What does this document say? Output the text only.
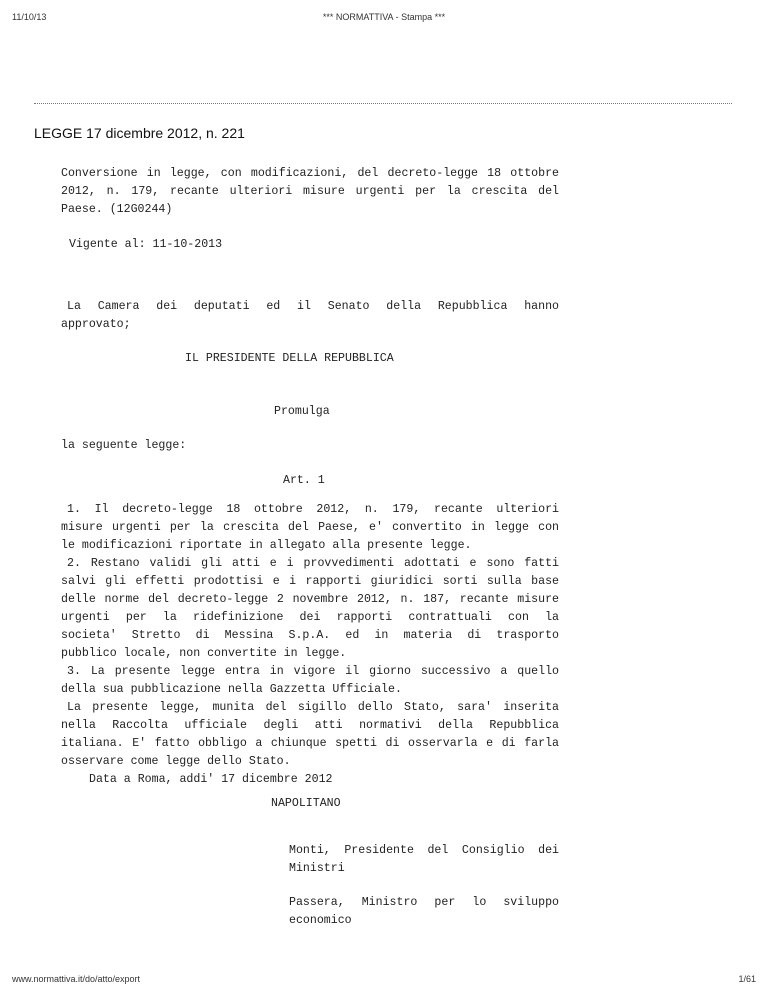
11/10/13	*** NORMATTIVA - Stampa ***
LEGGE 17 dicembre 2012, n. 221
Conversione in legge, con modificazioni, del decreto-legge 18 ottobre
2012, n. 179, recante ulteriori misure urgenti per la crescita del
Paese. (12G0244)
Vigente al: 11-10-2013
La Camera dei deputati ed il Senato della Repubblica hanno
approvato;
IL PRESIDENTE DELLA REPUBBLICA
Promulga
la seguente legge:
Art. 1
1. Il decreto-legge 18 ottobre 2012, n. 179, recante ulteriori
misure urgenti per la crescita del Paese, e' convertito in legge con
le modificazioni riportate in allegato alla presente legge.
2. Restano validi gli atti e i provvedimenti adottati e sono fatti
salvi gli effetti prodottisi e i rapporti giuridici sorti sulla base
delle norme del decreto-legge 2 novembre 2012, n. 187, recante misure
urgenti per la ridefinizione dei rapporti contrattuali con la
societa' Stretto di Messina S.p.A. ed in materia di trasporto
pubblico locale, non convertite in legge.
3. La presente legge entra in vigore il giorno successivo a quello
della sua pubblicazione nella Gazzetta Ufficiale.
La presente legge, munita del sigillo dello Stato, sara' inserita
nella Raccolta ufficiale degli atti normativi della Repubblica
italiana. E' fatto obbligo a chiunque spetti di osservarla e di farla
osservare come legge dello Stato.
Data a Roma, addi' 17 dicembre 2012
NAPOLITANO
Monti, Presidente del Consiglio dei
Ministri
Passera, Ministro per lo sviluppo
economico
www.normattiva.it/do/atto/export	1/61
